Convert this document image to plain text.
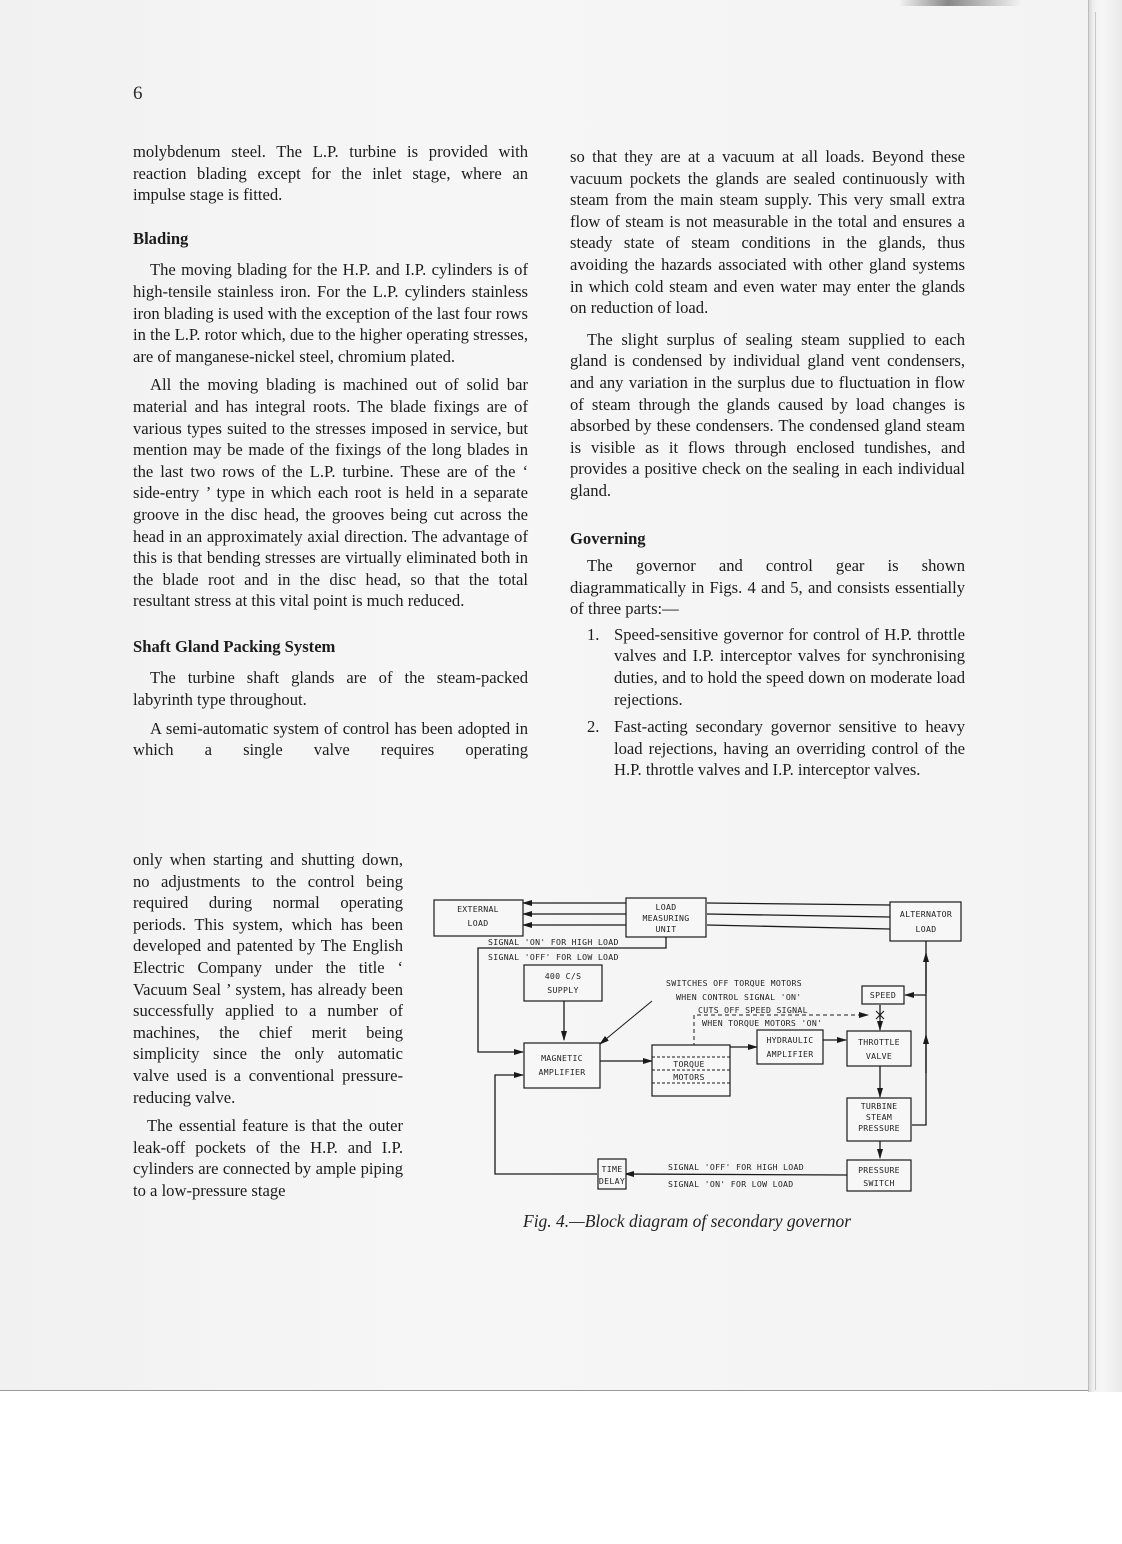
6

molybdenum steel. The L.P. turbine is provided with reaction blading except for the inlet stage, where an impulse stage is fitted.

Blading

The moving blading for the H.P. and I.P. cylinders is of high-tensile stainless iron. For the L.P. cylinders stainless iron blading is used with the exception of the last four rows in the L.P. rotor which, due to the higher operating stresses, are of manganese-nickel steel, chromium plated.

All the moving blading is machined out of solid bar material and has integral roots. The blade fixings are of various types suited to the stresses imposed in service, but mention may be made of the fixings of the long blades in the last two rows of the L.P. turbine. These are of the ‘ side-entry ’ type in which each root is held in a separate groove in the disc head, the grooves being cut across the head in an approximately axial direction. The advantage of this is that bending stresses are virtually eliminated both in the blade root and in the disc head, so that the total resultant stress at this vital point is much reduced.

Shaft Gland Packing System

The turbine shaft glands are of the steam-packed labyrinth type throughout.

A semi-automatic system of control has been adopted in which a single valve requires operating

only when starting and shutting down, no adjustments to the control being required during normal operating periods. This system, which has been developed and patented by The English Electric Company under the title ‘ Vacuum Seal ’ system, has already been successfully applied to a number of machines, the chief merit being simplicity since the only automatic valve used is a conventional pressure-reducing valve.

The essential feature is that the outer leak-off pockets of the H.P. and I.P. cylinders are connected by ample piping to a low-pressure stage

so that they are at a vacuum at all loads. Beyond these vacuum pockets the glands are sealed continuously with steam from the main steam supply. This very small extra flow of steam is not measurable in the total and ensures a steady state of steam conditions in the glands, thus avoiding the hazards associated with other gland systems in which cold steam and even water may enter the glands on reduction of load.

The slight surplus of sealing steam supplied to each gland is condensed by individual gland vent condensers, and any variation in the surplus due to fluctuation in flow of steam through the glands caused by load changes is absorbed by these condensers. The condensed gland steam is visible as it flows through enclosed tundishes, and provides a positive check on the sealing in each individual gland.

Governing

The governor and control gear is shown diagrammatically in Figs. 4 and 5, and consists essentially of three parts:—

1. Speed-sensitive governor for control of H.P. throttle valves and I.P. interceptor valves for synchronising duties, and to hold the speed down on moderate load rejections.
2. Fast-acting secondary governor sensitive to heavy load rejections, having an overriding control of the H.P. throttle valves and I.P. interceptor valves.
EXTERNAL
LOAD
LOAD
MEASURING
UNIT
ALTERNATOR
LOAD
400 C/S
SUPPLY	SPEED
MAGNETIC
AMPLIFIER
TORQUE
MOTORS
HYDRAULIC
AMPLIFIER
THROTTLE
VALVE
TURBINE
STEAM
PRESSURE
TIME
DELAY
PRESSURE
SWITCH
SIGNAL 'ON' FOR HIGH LOAD
SIGNAL 'OFF' FOR LOW LOAD
SWITCHES OFF TORQUE MOTORS
WHEN CONTROL SIGNAL 'ON'
CUTS OFF SPEED SIGNAL
WHEN TORQUE MOTORS 'ON'
SIGNAL 'OFF' FOR HIGH LOAD
SIGNAL 'ON' FOR LOW LOAD
Fig. 4.—Block diagram of secondary governor
